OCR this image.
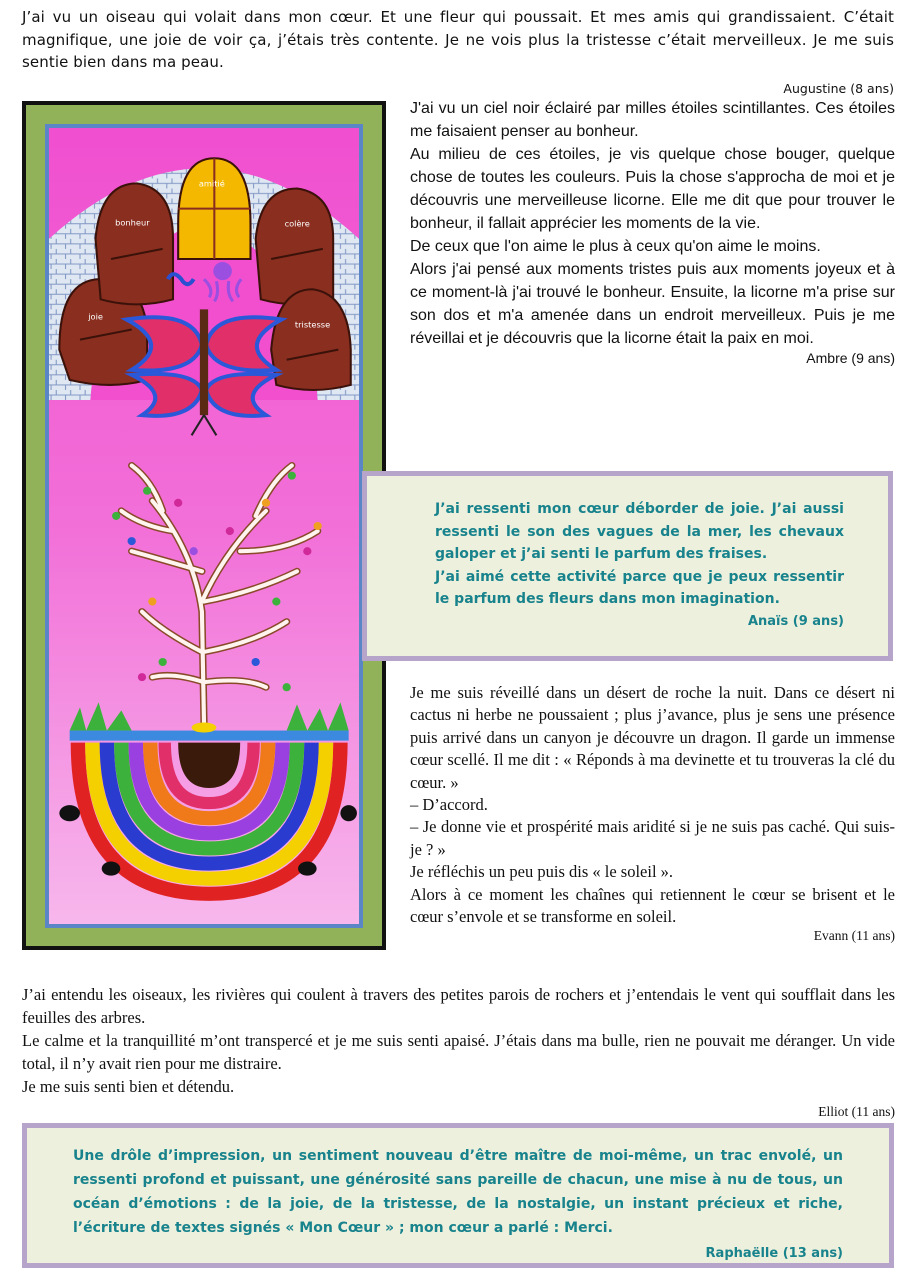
J’ai vu un oiseau qui volait dans mon cœur. Et une fleur qui poussait. Et mes amis qui grandissaient. C’était magnifique, une joie de voir ça, j’étais très contente. Je ne vois plus la tristesse c’était merveilleux. Je me suis sentie bien dans ma peau.

Augustine (8 ans)

joie
bonheur
amitié
colère
tristesse

J'ai vu un ciel noir éclairé par milles étoiles scintillantes. Ces étoiles me faisaient penser au bonheur.
Au milieu de ces étoiles, je vis quelque chose bouger, quelque chose de toutes les couleurs. Puis la chose s'approcha de moi et je découvris une merveilleuse licorne. Elle me dit que pour trouver le bonheur, il fallait apprécier les moments de la vie.
De ceux que l'on aime le plus à ceux qu'on aime le moins.
Alors j'ai pensé aux moments tristes puis aux moments joyeux et à ce moment-là j'ai trouvé le bonheur. Ensuite, la licorne m'a prise sur son dos et m'a amenée dans un endroit merveilleux. Puis je me réveillai et je découvris que la licorne était la paix en moi.

Ambre (9 ans)

J’ai ressenti mon cœur déborder de joie. J’ai aussi ressenti le son des vagues de la mer, les chevaux galoper et j’ai senti le parfum des fraises.
J’ai aimé cette activité parce que je peux ressentir le parfum des fleurs dans mon imagination.

Anaïs (9 ans)

Je me suis réveillé dans un désert de roche la nuit. Dans ce désert ni cactus ni herbe ne poussaient ; plus j’avance, plus je sens une présence puis arrivé dans un canyon je découvre un dragon. Il garde un immense cœur scellé. Il me dit : « Réponds à ma devinette et tu trouveras la clé du cœur. »
– D’accord.
– Je donne vie et prospérité mais aridité si je ne suis pas caché. Qui suis-je ? »
Je réfléchis un peu puis dis « le soleil ».
Alors à ce moment les chaînes qui retiennent le cœur se brisent et le cœur s’envole et se transforme en soleil.

Evann (11 ans)

J’ai entendu les oiseaux, les rivières qui coulent à travers des petites parois de rochers et j’entendais le vent qui soufflait dans les feuilles des arbres.
Le calme et la tranquillité m’ont transpercé et je me suis senti apaisé. J’étais dans ma bulle, rien ne pouvait me déranger. Un vide total, il n’y avait rien pour me distraire.
Je me suis senti bien et détendu.

Elliot (11 ans)

Une drôle d’impression, un sentiment nouveau d’être maître de moi-même, un trac envolé, un ressenti profond et puissant, une générosité sans pareille de chacun, une mise à nu de tous, un océan d’émotions : de la joie, de la tristesse, de la nostalgie, un instant précieux et riche, l’écriture de textes signés « Mon Cœur » ; mon cœur a parlé : Merci.

Raphaëlle (13 ans)
